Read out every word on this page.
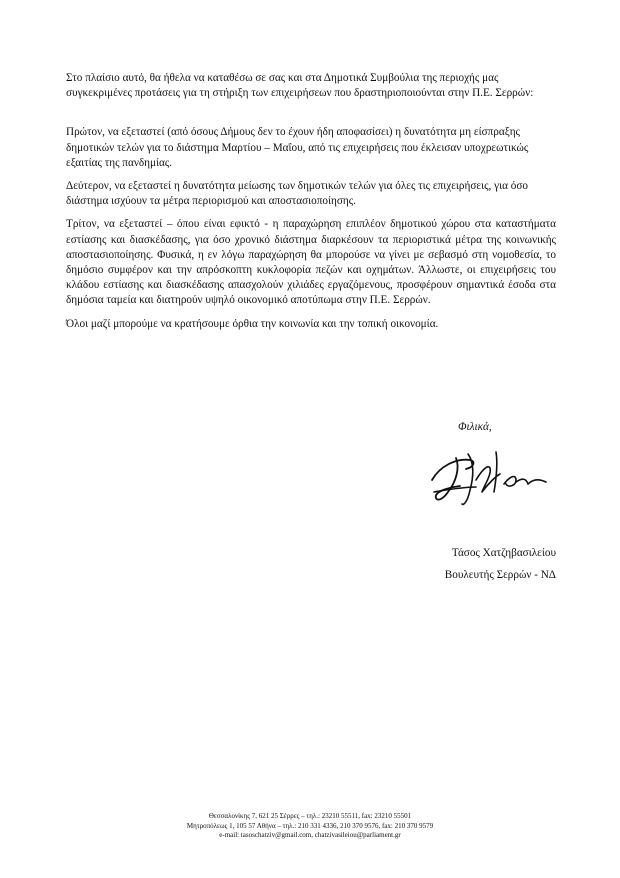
Στο πλαίσιο αυτό, θα ήθελα να καταθέσω σε σας και στα Δημοτικά Συμβούλια της περιοχής μας συγκεκριμένες προτάσεις για τη στήριξη των επιχειρήσεων που δραστηριοποιούνται στην Π.Ε. Σερρών:

Πρώτον, να εξεταστεί (από όσους Δήμους δεν το έχουν ήδη αποφασίσει) η δυνατότητα μη είσπραξης δημοτικών τελών για το διάστημα Μαρτίου – Μαΐου, από τις επιχειρήσεις που έκλεισαν υποχρεωτικώς εξαιτίας της πανδημίας.

Δεύτερον, να εξεταστεί η δυνατότητα μείωσης των δημοτικών τελών για όλες τις επιχειρήσεις, για όσο διάστημα ισχύουν τα μέτρα περιορισμού και αποστασιοποίησης.

Τρίτον, να εξεταστεί – όπου είναι εφικτό - η παραχώρηση επιπλέον δημοτικού χώρου στα καταστήματα εστίασης και διασκέδασης, για όσο χρονικό διάστημα διαρκέσουν τα περιοριστικά μέτρα της κοινωνικής αποστασιοποίησης. Φυσικά, η εν λόγω παραχώρηση θα μπορούσε να γίνει με σεβασμό στη νομοθεσία, το δημόσιο συμφέρον και την απρόσκοπτη κυκλοφορία πεζών και οχημάτων. Άλλωστε, οι επιχειρήσεις του κλάδου εστίασης και διασκέδασης απασχολούν χιλιάδες εργαζόμενους, προσφέρουν σημαντικά έσοδα στα δημόσια ταμεία και διατηρούν υψηλό οικονομικό αποτύπωμα στην Π.Ε. Σερρών.

Όλοι μαζί μπορούμε να κρατήσουμε όρθια την κοινωνία και την τοπική οικονομία.

Φιλικά,
Τάσος Χατζηβασιλείου
Βουλευτής Σερρών - ΝΔ
Θεσσαλονίκης 7, 621 25 Σέρρες – τηλ.: 23210 55511, fax: 23210 55501
Μητροπόλεως 1, 105 57 Αθήνα – τηλ.: 210 331 4336, 210 370 9576, fax: 210 370 9579
e-mail: tasoschatziv@gmail.com, chatzivasileiou@parliament.gr
